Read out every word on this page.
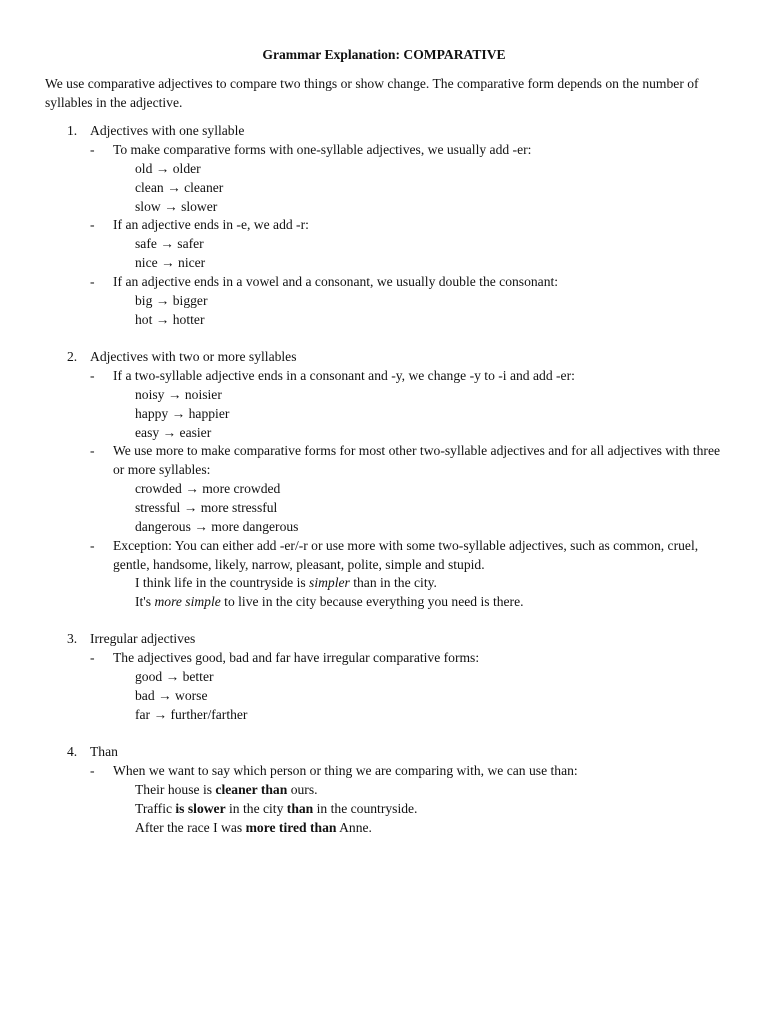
Grammar Explanation: COMPARATIVE

We use comparative adjectives to compare two things or show change. The comparative form depends on the number of syllables in the adjective.

1. Adjectives with one syllable
- To make comparative forms with one-syllable adjectives, we usually add -er:
old → older
clean → cleaner
slow → slower
- If an adjective ends in -e, we add -r:
safe → safer
nice → nicer
- If an adjective ends in a vowel and a consonant, we usually double the consonant:
big → bigger
hot → hotter
2. Adjectives with two or more syllables
- If a two-syllable adjective ends in a consonant and -y, we change -y to -i and add -er:
noisy → noisier
happy → happier
easy → easier
- We use more to make comparative forms for most other two-syllable adjectives and for all adjectives with three or more syllables:
crowded → more crowded
stressful → more stressful
dangerous → more dangerous
- Exception: You can either add -er/-r or use more with some two-syllable adjectives, such as common, cruel, gentle, handsome, likely, narrow, pleasant, polite, simple and stupid.
I think life in the countryside is simpler than in the city.
It's more simple to live in the city because everything you need is there.
3. Irregular adjectives
- The adjectives good, bad and far have irregular comparative forms:
good → better
bad → worse
far → further/farther
4. Than
- When we want to say which person or thing we are comparing with, we can use than:
Their house is cleaner than ours.
Traffic is slower in the city than in the countryside.
After the race I was more tired than Anne.
